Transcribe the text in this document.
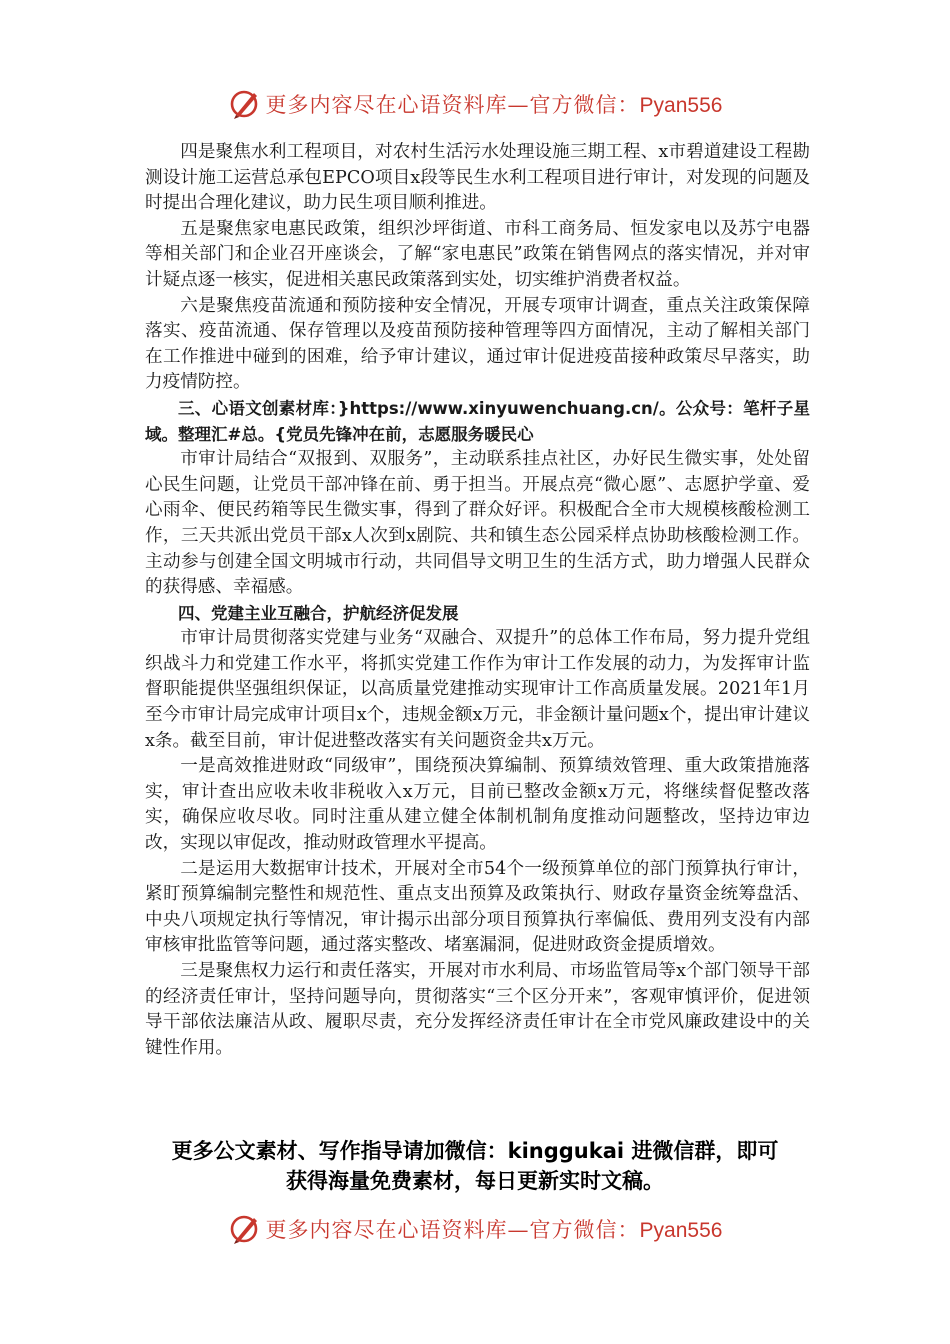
更多内容尽在心语资料库—官方微信：Pyan556

四是聚焦水利工程项目，对农村生活污水处理设施三期工程、x市碧道建设工程勘测设计施工运营总承包EPCO项目x段等民生水利工程项目进行审计，对发现的问题及时提出合理化建议，助力民生项目顺利推进。

五是聚焦家电惠民政策，组织沙坪街道、市科工商务局、恒发家电以及苏宁电器等相关部门和企业召开座谈会，了解“家电惠民”政策在销售网点的落实情况，并对审计疑点逐一核实，促进相关惠民政策落到实处，切实维护消费者权益。

六是聚焦疫苗流通和预防接种安全情况，开展专项审计调查，重点关注政策保障落实、疫苗流通、保存管理以及疫苗预防接种管理等四方面情况，主动了解相关部门在工作推进中碰到的困难，给予审计建议，通过审计促进疫苗接种政策尽早落实，助力疫情防控。

三、心语文创素材库：}https://www.xinyuwenchuang.cn/。公众号：笔杆子星域。整理汇#总。{党员先锋冲在前，志愿服务暖民心

市审计局结合“双报到、双服务”，主动联系挂点社区，办好民生微实事，处处留心民生问题，让党员干部冲锋在前、勇于担当。开展点亮“微心愿”、志愿护学童、爱心雨伞、便民药箱等民生微实事，得到了群众好评。积极配合全市大规模核酸检测工作，三天共派出党员干部x人次到x剧院、共和镇生态公园采样点协助核酸检测工作。主动参与创建全国文明城市行动，共同倡导文明卫生的生活方式，助力增强人民群众的获得感、幸福感。

四、党建主业互融合，护航经济促发展

市审计局贯彻落实党建与业务“双融合、双提升”的总体工作布局，努力提升党组织战斗力和党建工作水平，将抓实党建工作作为审计工作发展的动力，为发挥审计监督职能提供坚强组织保证，以高质量党建推动实现审计工作高质量发展。2021年1月至今市审计局完成审计项目x个，违规金额x万元，非金额计量问题x个，提出审计建议x条。截至目前，审计促进整改落实有关问题资金共x万元。

一是高效推进财政“同级审”，围绕预决算编制、预算绩效管理、重大政策措施落实，审计查出应收未收非税收入x万元，目前已整改金额x万元，将继续督促整改落实，确保应收尽收。同时注重从建立健全体制机制角度推动问题整改，坚持边审边改，实现以审促改，推动财政管理水平提高。

二是运用大数据审计技术，开展对全市54个一级预算单位的部门预算执行审计，紧盯预算编制完整性和规范性、重点支出预算及政策执行、财政存量资金统筹盘活、中央八项规定执行等情况，审计揭示出部分项目预算执行率偏低、费用列支没有内部审核审批监管等问题，通过落实整改、堵塞漏洞，促进财政资金提质增效。

三是聚焦权力运行和责任落实，开展对市水利局、市场监管局等x个部门领导干部的经济责任审计，坚持问题导向，贯彻落实“三个区分开来”，客观审慎评价，促进领导干部依法廉洁从政、履职尽责，充分发挥经济责任审计在全市党风廉政建设中的关键性作用。

更多公文素材、写作指导请加微信：kinggukai 进微信群，即可
获得海量免费素材，每日更新实时文稿。
更多内容尽在心语资料库—官方微信：Pyan556
